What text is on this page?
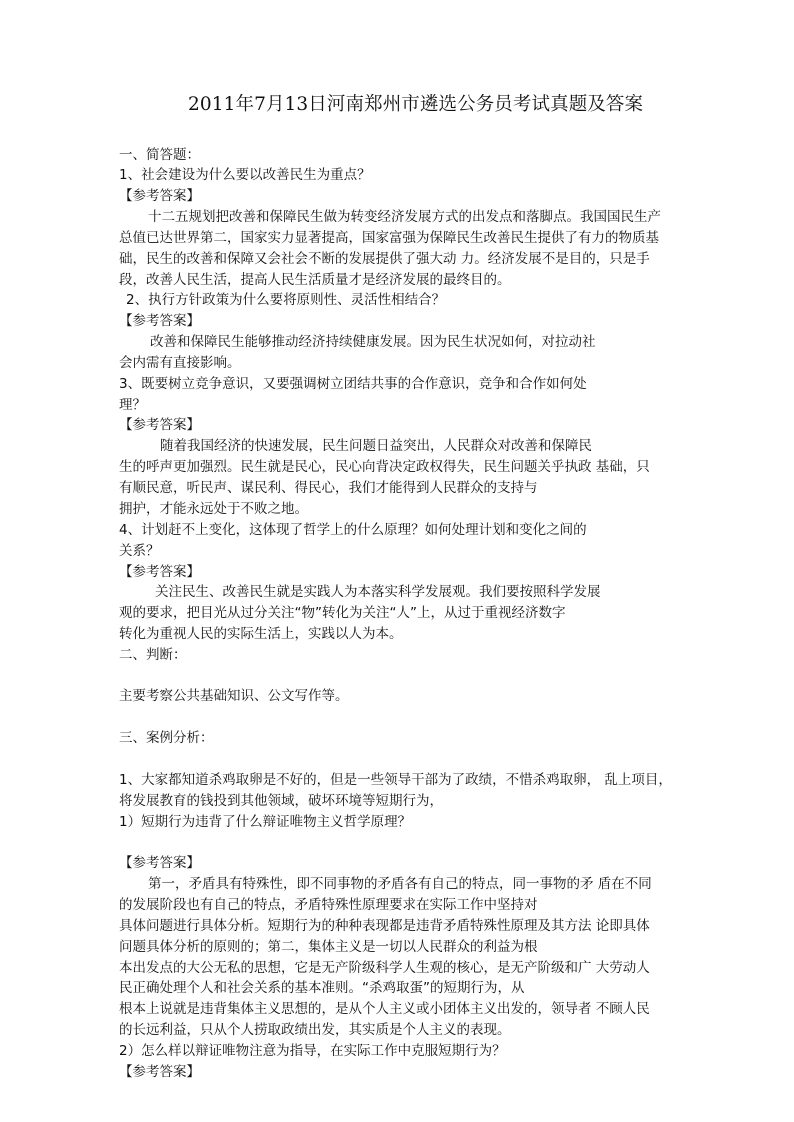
2011年7月13日河南郑州市遴选公务员考试真题及答案
一、简答题：
1、社会建设为什么要以改善民生为重点？
【参考答案】
十二五规划把改善和保障民生做为转变经济发展方式的出发点和落脚点。我国国民生产
总值已达世界第二，国家实力显著提高，国家富强为保障民生改善民生提供了有力的物质基
础，民生的改善和保障又会社会不断的发展提供了强大动 力。经济发展不是目的，只是手
段，改善人民生活，提高人民生活质量才是经济发展的最终目的。
2、执行方针政策为什么要将原则性、灵活性相结合？
【参考答案】
改善和保障民生能够推动经济持续健康发展。因为民生状况如何，对拉动社
会内需有直接影响。
3、既要树立竞争意识，又要强调树立团结共事的合作意识，竞争和合作如何处
理？
【参考答案】
随着我国经济的快速发展，民生问题日益突出，人民群众对改善和保障民
生的呼声更加强烈。民生就是民心，民心向背决定政权得失，民生问题关乎执政 基础，只
有顺民意，听民声、谋民利、得民心，我们才能得到人民群众的支持与
拥护，才能永远处于不败之地。
4、计划赶不上变化，这体现了哲学上的什么原理？如何处理计划和变化之间的
关系？
【参考答案】
关注民生、改善民生就是实践人为本落实科学发展观。我们要按照科学发展
观的要求，把目光从过分关注“物”转化为关注“人”上，从过于重视经济数字
转化为重视人民的实际生活上，实践以人为本。
二、判断：
主要考察公共基础知识、公文写作等。
三、案例分析：
1、大家都知道杀鸡取卵是不好的，但是一些领导干部为了政绩，不惜杀鸡取卵， 乱上项目，
将发展教育的钱投到其他领域，破坏环境等短期行为，
1）短期行为违背了什么辩证唯物主义哲学原理？
【参考答案】
第一，矛盾具有特殊性，即不同事物的矛盾各有自己的特点，同一事物的矛 盾在不同
的发展阶段也有自己的特点，矛盾特殊性原理要求在实际工作中坚持对
具体问题进行具体分析。短期行为的种种表现都是违背矛盾特殊性原理及其方法 论即具体
问题具体分析的原则的；第二，集体主义是一切以人民群众的利益为根
本出发点的大公无私的思想，它是无产阶级科学人生观的核心，是无产阶级和广 大劳动人
民正确处理个人和社会关系的基本准则。“杀鸡取蛋”的短期行为，从
根本上说就是违背集体主义思想的，是从个人主义或小团体主义出发的，领导者 不顾人民
的长远利益，只从个人捞取政绩出发，其实质是个人主义的表现。
2）怎么样以辩证唯物注意为指导，在实际工作中克服短期行为？
【参考答案】
